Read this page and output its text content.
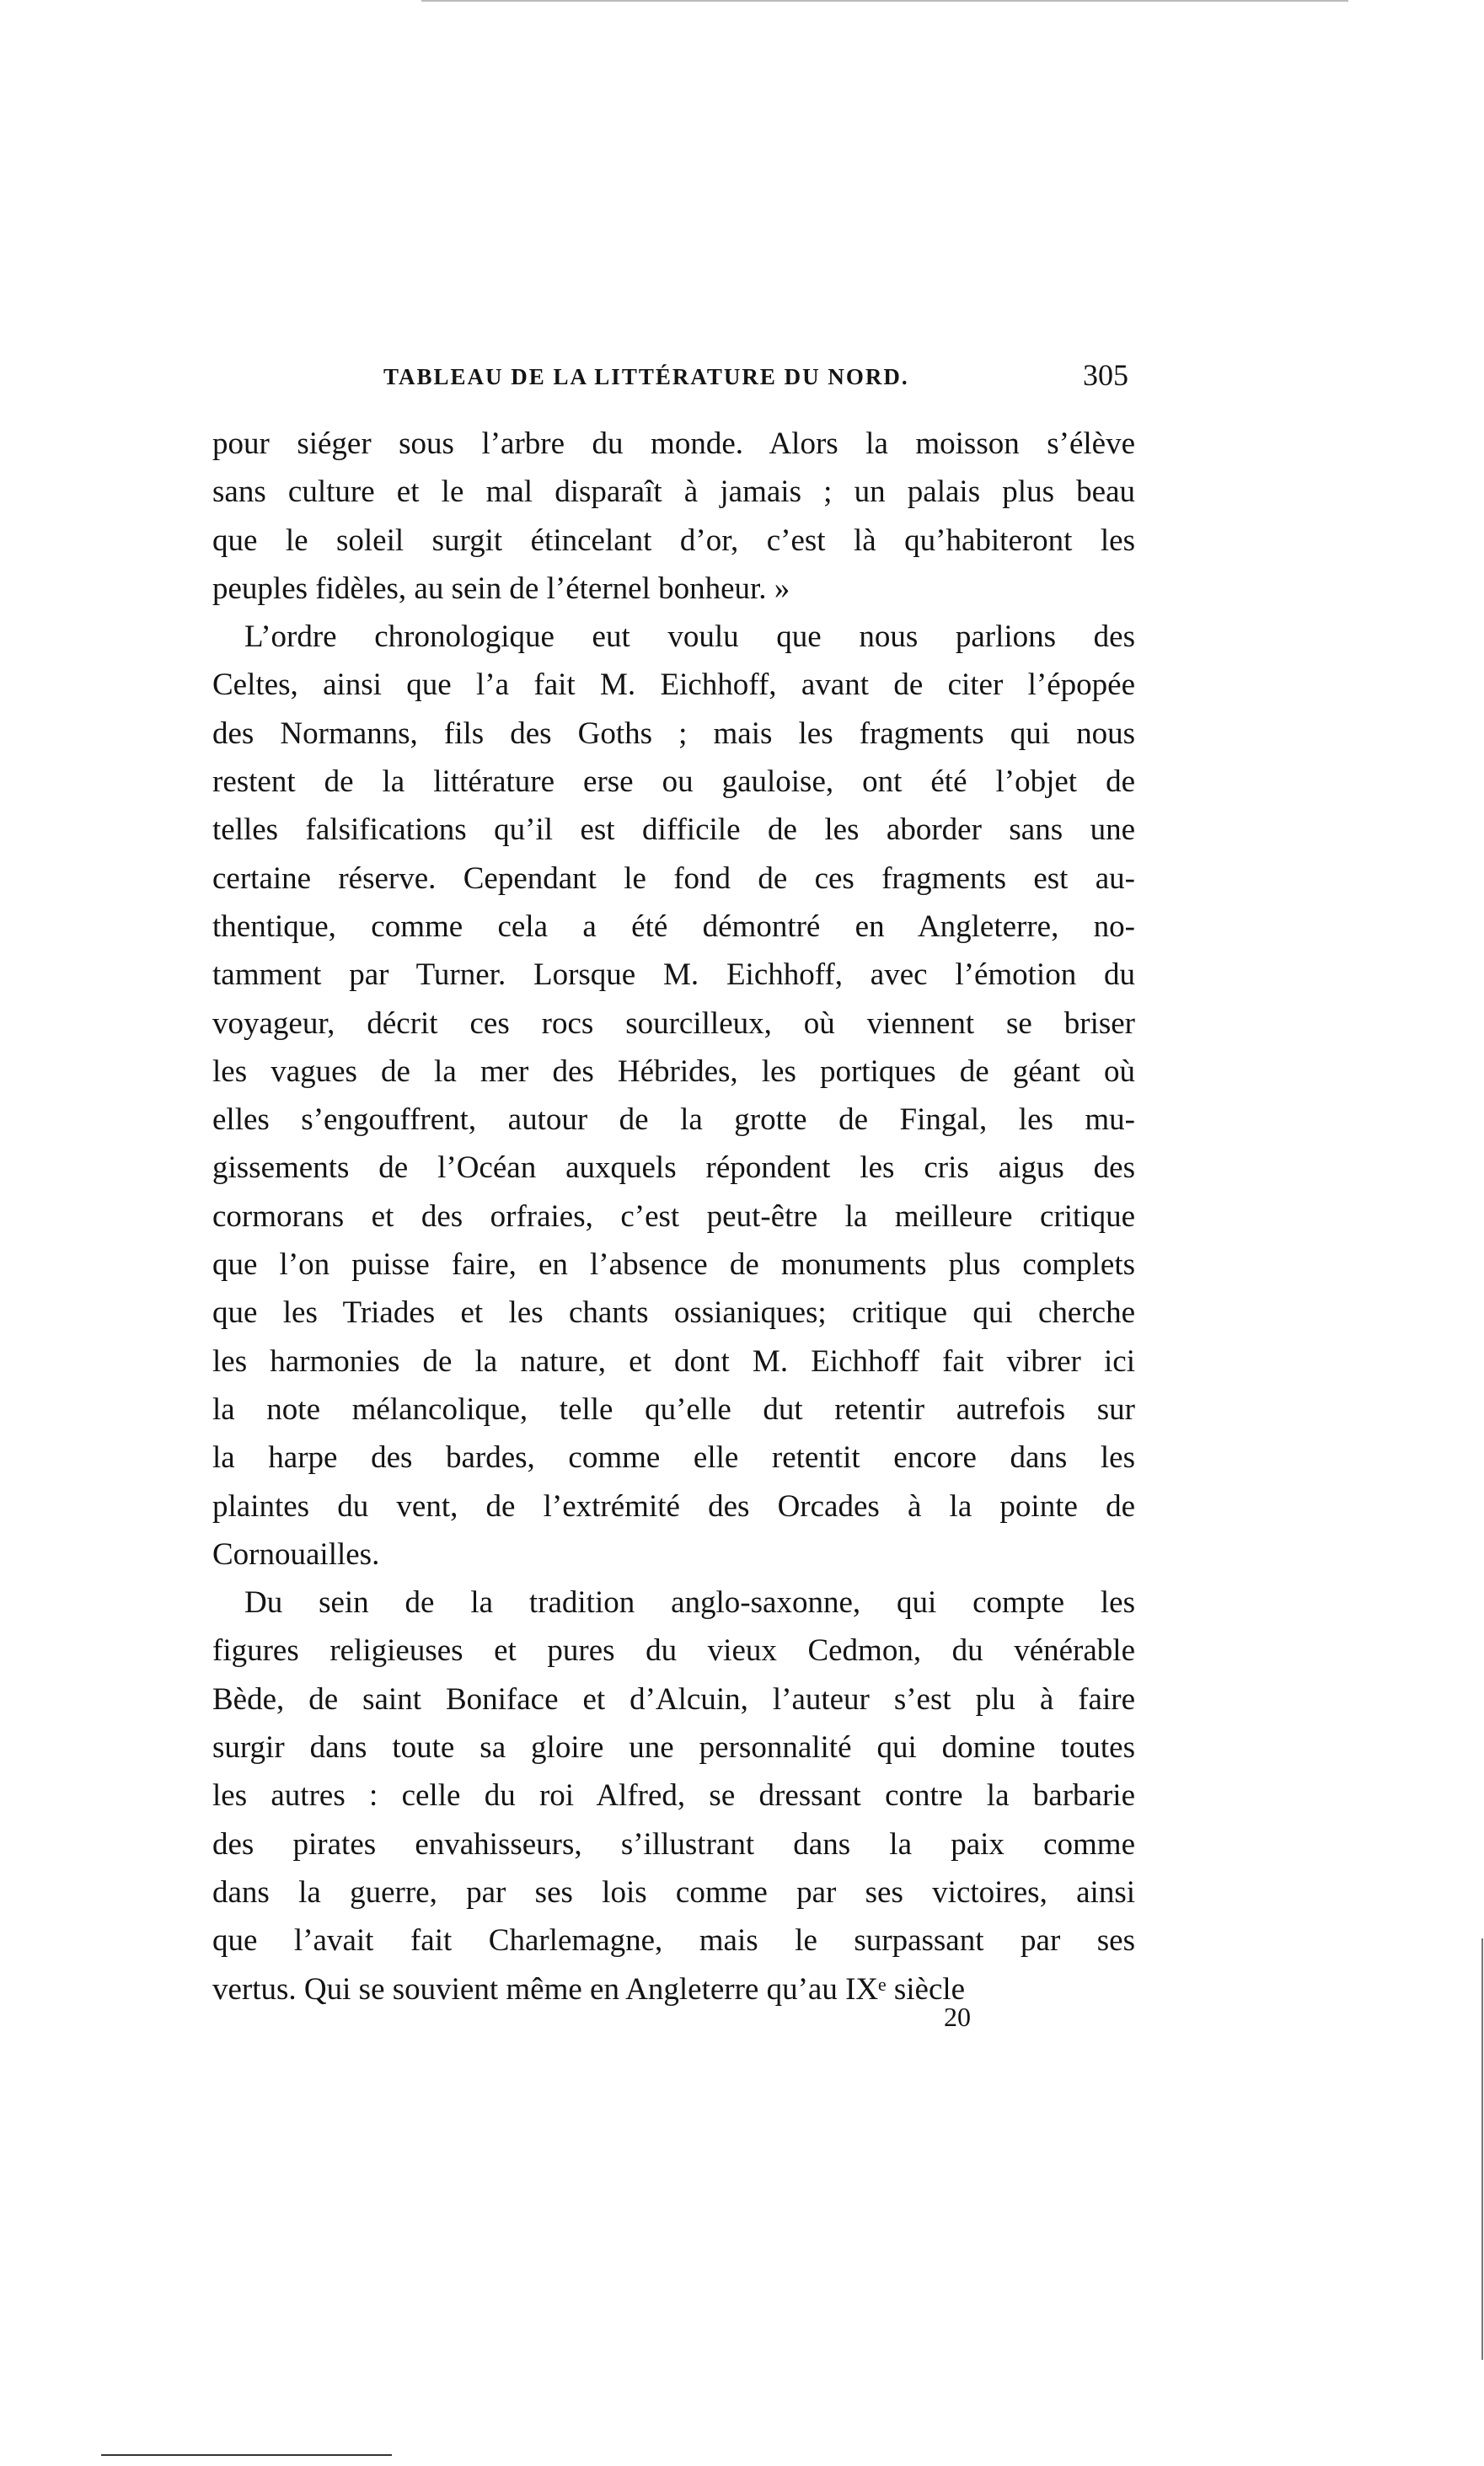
TABLEAU DE LA LITTÉRATURE DU NORD.	305
pour siéger sous l’arbre du monde. Alors la moisson s’élève
sans culture et le mal disparaît à jamais ; un palais plus beau
que le soleil surgit étincelant d’or, c’est là qu’habiteront les
peuples fidèles, au sein de l’éternel bonheur. »
L’ordre chronologique eut voulu que nous parlions des
Celtes, ainsi que l’a fait M. Eichhoff, avant de citer l’épopée
des Normanns, fils des Goths ; mais les fragments qui nous
restent de la littérature erse ou gauloise, ont été l’objet de
telles falsifications qu’il est difficile de les aborder sans une
certaine réserve. Cependant le fond de ces fragments est au-
thentique, comme cela a été démontré en Angleterre, no-
tamment par Turner. Lorsque M. Eichhoff, avec l’émotion du
voyageur, décrit ces rocs sourcilleux, où viennent se briser
les vagues de la mer des Hébrides, les portiques de géant où
elles s’engouffrent, autour de la grotte de Fingal, les mu-
gissements de l’Océan auxquels répondent les cris aigus des
cormorans et des orfraies, c’est peut-être la meilleure critique
que l’on puisse faire, en l’absence de monuments plus complets
que les Triades et les chants ossianiques; critique qui cherche
les harmonies de la nature, et dont M. Eichhoff fait vibrer ici
la note mélancolique, telle qu’elle dut retentir autrefois sur
la harpe des bardes, comme elle retentit encore dans les
plaintes du vent, de l’extrémité des Orcades à la pointe de
Cornouailles.
Du sein de la tradition anglo-saxonne, qui compte les
figures religieuses et pures du vieux Cedmon, du vénérable
Bède, de saint Boniface et d’Alcuin, l’auteur s’est plu à faire
surgir dans toute sa gloire une personnalité qui domine toutes
les autres : celle du roi Alfred, se dressant contre la barbarie
des pirates envahisseurs, s’illustrant dans la paix comme
dans la guerre, par ses lois comme par ses victoires, ainsi
que l’avait fait Charlemagne, mais le surpassant par ses
vertus. Qui se souvient même en Angleterre qu’au IXᵉ siècle
20
